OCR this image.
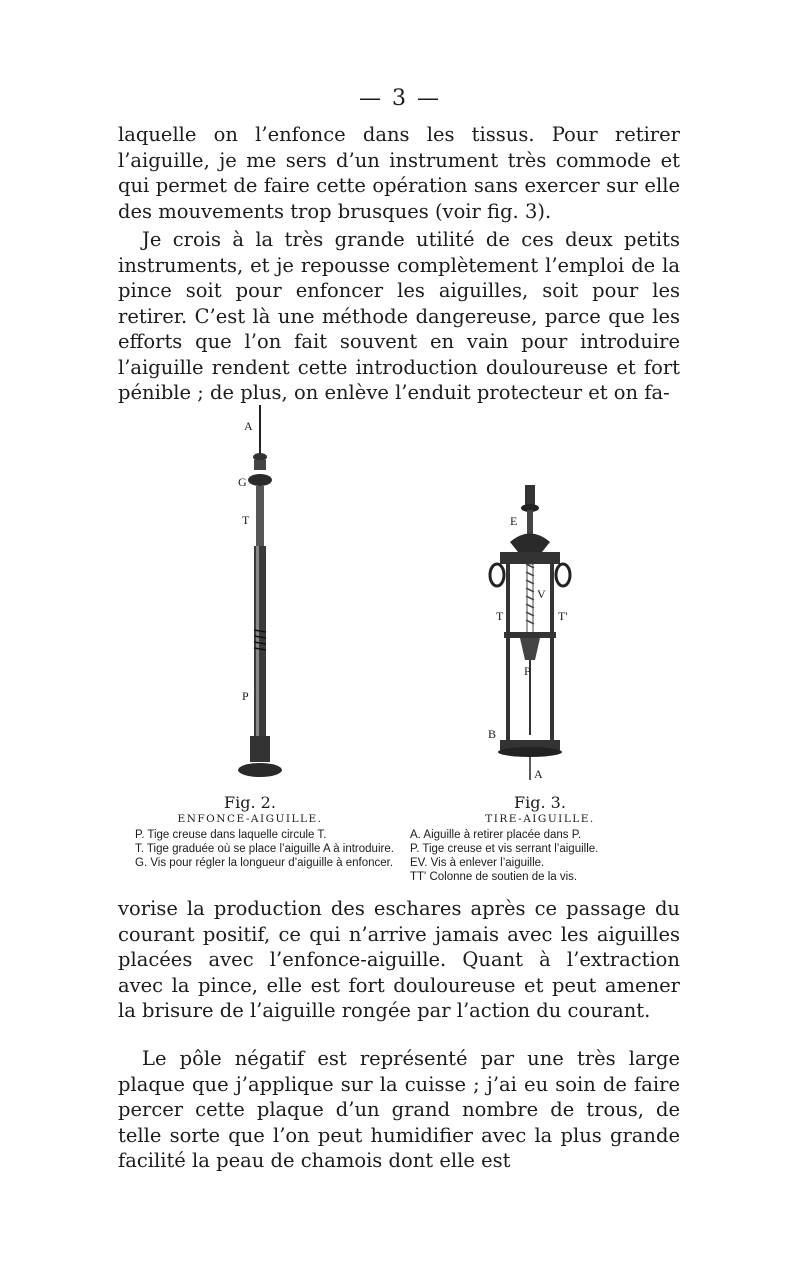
— 3 —

laquelle on l’enfonce dans les tissus. Pour retirer l’aiguille, je me sers d’un instrument très commode et qui permet de faire cette opération sans exercer sur elle des mouvements trop brusques (voir fig. 3).

Je crois à la très grande utilité de ces deux petits instruments, et je repousse complètement l’emploi de la pince soit pour enfoncer les aiguilles, soit pour les retirer. C’est là une méthode dangereuse, parce que les efforts que l’on fait souvent en vain pour introduire l’aiguille rendent cette introduction douloureuse et fort pénible ; de plus, on enlève l’enduit protecteur et on fa-

A
G
T
P
Fig. 2.
ENFONCE-AIGUILLE.
P. Tige creuse dans laquelle circule T.
T. Tige graduée où se place l’aiguille A à introduire.
G. Vis pour régler la longueur d’aiguille à enfoncer.
E
V
T	T'
P
B
A
Fig. 3.
TIRE-AIGUILLE.
A. Aiguille à retirer placée dans P.
P. Tige creuse et vis serrant l’aiguille.
EV. Vis à enlever l’aiguille.
TT' Colonne de soutien de la vis.

vorise la production des eschares après ce passage du courant positif, ce qui n’arrive jamais avec les aiguilles placées avec l’enfonce-aiguille. Quant à l’extraction avec la pince, elle est fort douloureuse et peut amener la brisure de l’aiguille rongée par l’action du courant.

Le pôle négatif est représenté par une très large plaque que j’applique sur la cuisse ; j’ai eu soin de faire percer cette plaque d’un grand nombre de trous, de telle sorte que l’on peut humidifier avec la plus grande facilité la peau de chamois dont elle est
